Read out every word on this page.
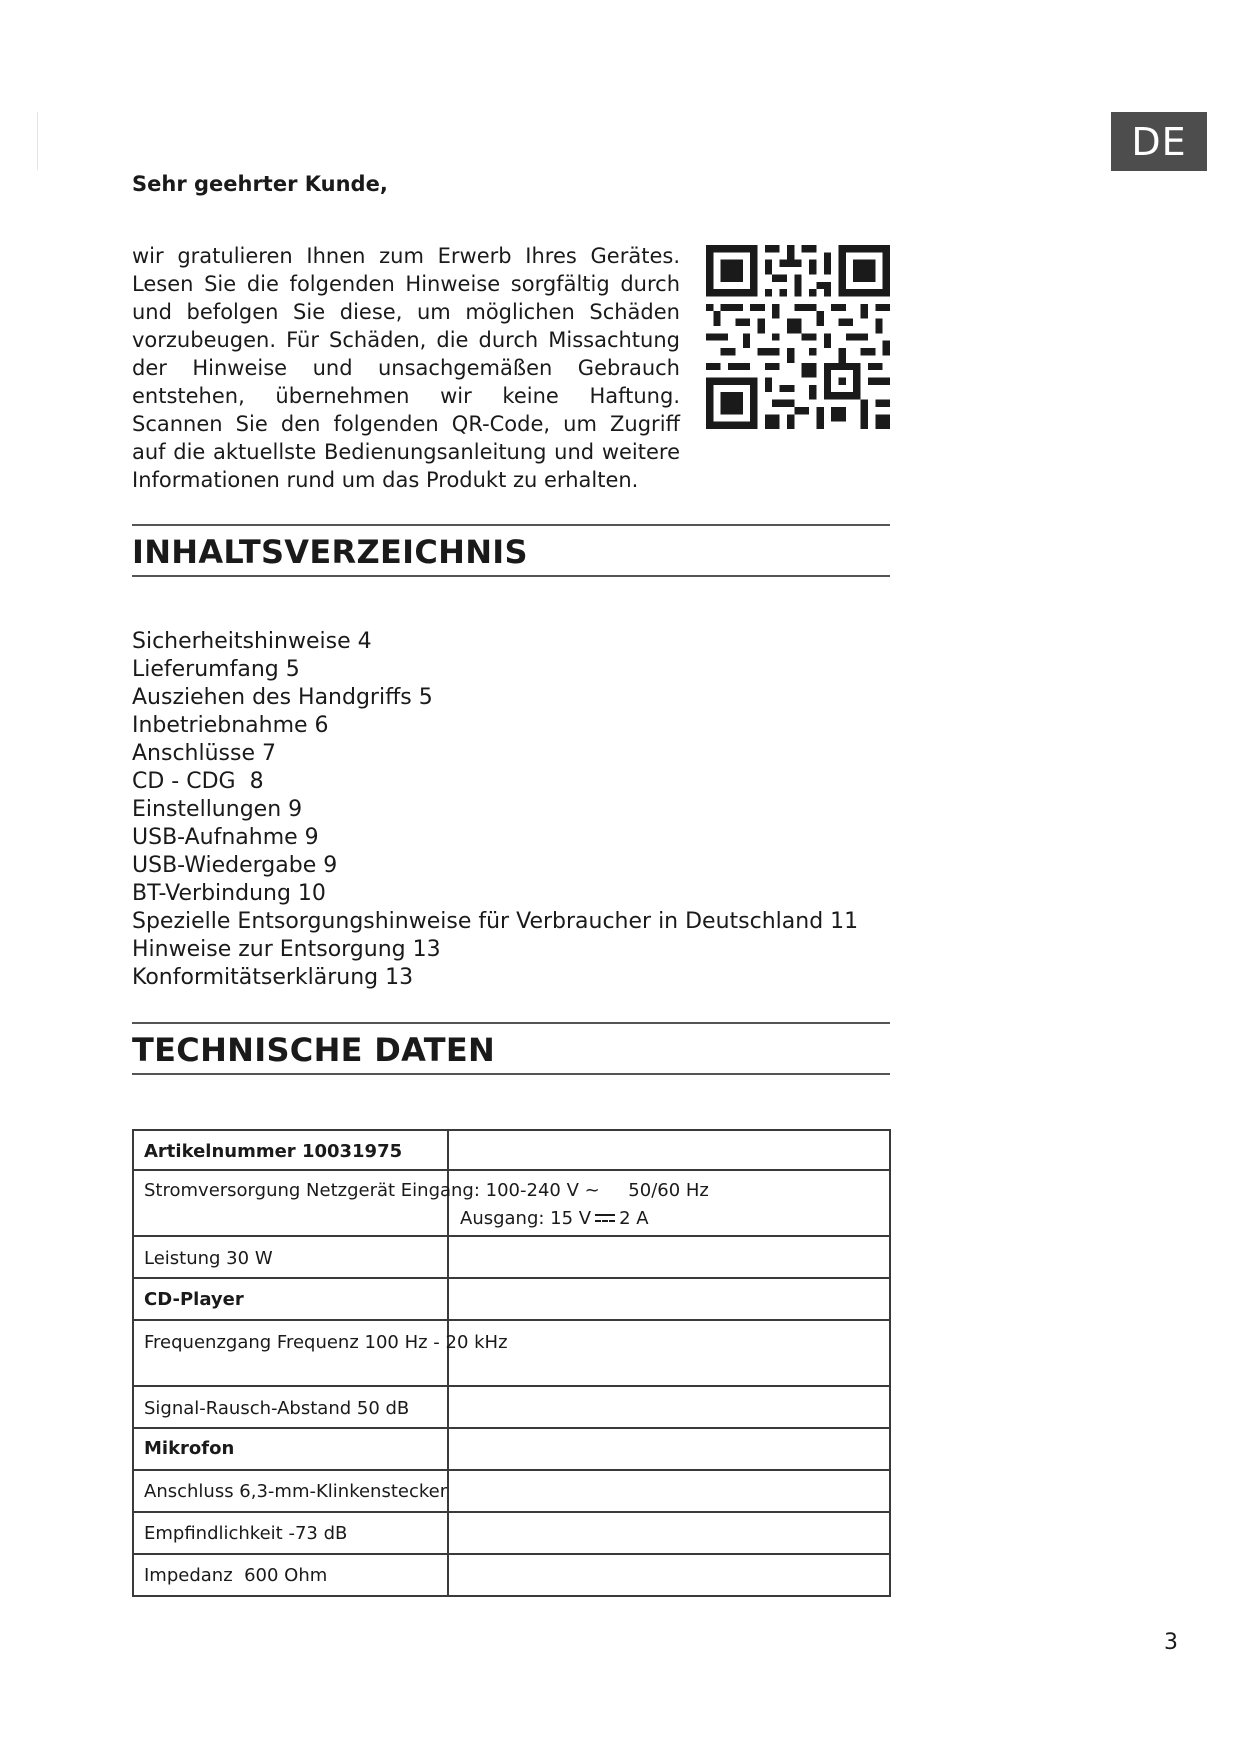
DE
Sehr geehrter Kunde,

wir gratulieren Ihnen zum Erwerb Ihres Gerätes. Lesen Sie die folgenden Hinweise sorgfältig durch und befolgen Sie diese, um möglichen Schäden vorzubeugen. Für Schäden, die durch Missachtung der Hinweise und unsachgemäßen Gebrauch entstehen, übernehmen wir keine Haftung. Scannen Sie den folgenden QR-Code, um Zugriff auf die aktuellste Bedienungsanleitung und weitere Informationen rund um das Produkt zu erhalten.

INHALTSVERZEICHNIS
Sicherheitshinweise 4
Lieferumfang 5
Ausziehen des Handgriffs 5
Inbetriebnahme 6
Anschlüsse 7
CD - CDG  8
Einstellungen 9
USB-Aufnahme 9
USB-Wiedergabe 9
BT-Verbindung 10
Spezielle Entsorgungshinweise für Verbraucher in Deutschland 11
Hinweise zur Entsorgung 13
Konformitätserklärung 13
TECHNISCHE DATEN
Artikelnummer 10031975	

Stromversorgung Netzgerät Eingang: 100-240 V ~     50/60 Hz	Ausgang: 15 V 2 A
Leistung 30 W	
CD-Player	
Frequenzgang Frequenz 100 Hz - 20 kHz	
Signal-Rausch-Abstand 50 dB	
Mikrofon	
Anschluss 6,3-mm-Klinkenstecker	
Empfindlichkeit -73 dB	
Impedanz  600 Ohm	
3
